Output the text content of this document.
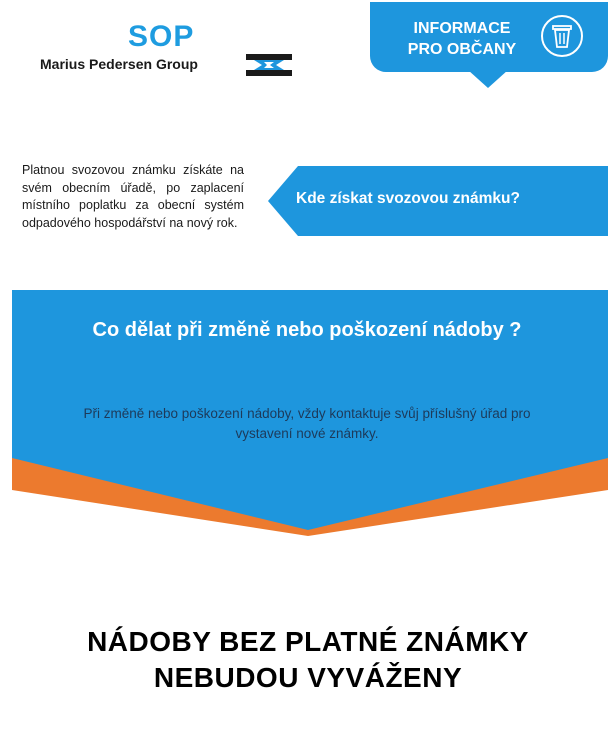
SOP
Marius Pedersen Group
INFORMACE
PRO OBČANY
Platnou svozovou známku získáte na svém obecním úřadě, po zaplacení místního poplatku za obecní systém odpadového hospodářství na nový rok.
Kde získat svozovou známku?
Co dělat při změně nebo poškození nádoby ?
Při změně nebo poškození nádoby, vždy kontaktuje svůj příslušný úřad pro vystavení nové známky.
NÁDOBY BEZ PLATNÉ ZNÁMKY
NEBUDOU VYVÁŽENY
